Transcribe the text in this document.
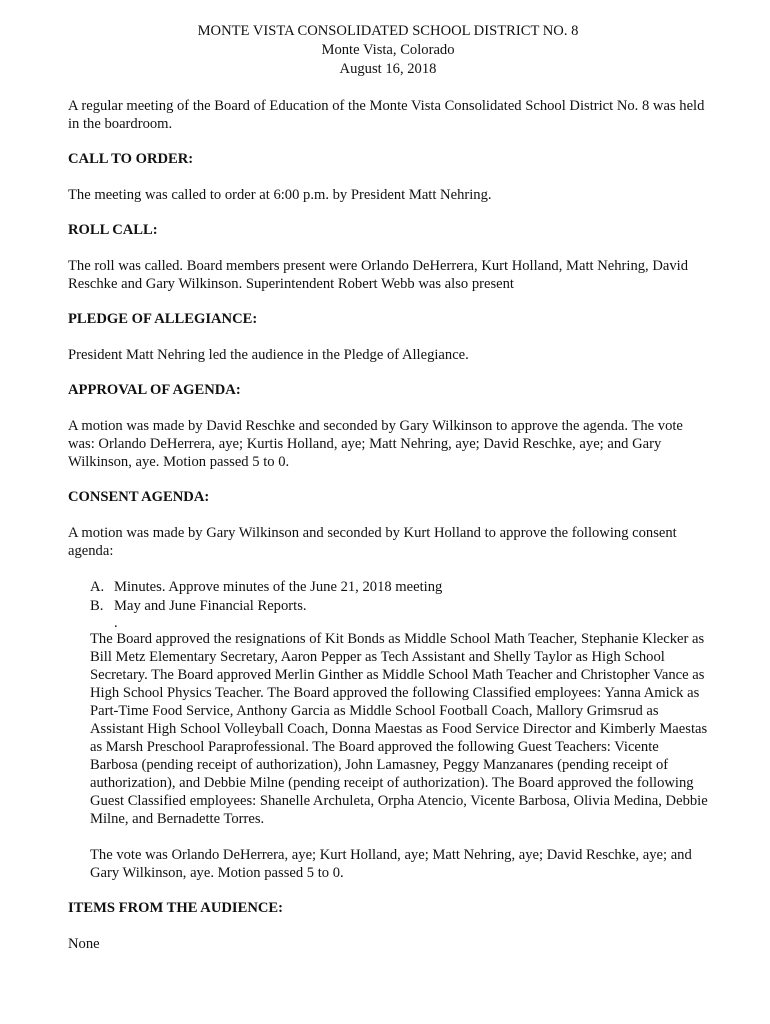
MONTE VISTA CONSOLIDATED SCHOOL DISTRICT NO. 8
Monte Vista, Colorado
August 16, 2018

A regular meeting of the Board of Education of the Monte Vista Consolidated School District No. 8 was held in the boardroom.

CALL TO ORDER:

The meeting was called to order at 6:00 p.m. by President Matt Nehring.

ROLL CALL:

The roll was called. Board members present were Orlando DeHerrera, Kurt Holland, Matt Nehring, David Reschke and Gary Wilkinson. Superintendent Robert Webb was also present

PLEDGE OF ALLEGIANCE:

President Matt Nehring led the audience in the Pledge of Allegiance.

APPROVAL OF AGENDA:

A motion was made by David Reschke and seconded by Gary Wilkinson to approve the agenda. The vote was: Orlando DeHerrera, aye; Kurtis Holland, aye; Matt Nehring, aye; David Reschke, aye; and Gary Wilkinson, aye. Motion passed 5 to 0.

CONSENT AGENDA:

A motion was made by Gary Wilkinson and seconded by Kurt Holland to approve the following consent agenda:

A. Minutes. Approve minutes of the June 21, 2018 meeting
B. May and June Financial Reports.
.

The Board approved the resignations of Kit Bonds as Middle School Math Teacher, Stephanie Klecker as Bill Metz Elementary Secretary, Aaron Pepper as Tech Assistant and Shelly Taylor as High School Secretary. The Board approved Merlin Ginther as Middle School Math Teacher and Christopher Vance as High School Physics Teacher. The Board approved the following Classified employees: Yanna Amick as Part-Time Food Service, Anthony Garcia as Middle School Football Coach, Mallory Grimsrud as Assistant High School Volleyball Coach, Donna Maestas as Food Service Director and Kimberly Maestas as Marsh Preschool Paraprofessional. The Board approved the following Guest Teachers: Vicente Barbosa (pending receipt of authorization), John Lamasney, Peggy Manzanares (pending receipt of authorization), and Debbie Milne (pending receipt of authorization). The Board approved the following Guest Classified employees: Shanelle Archuleta, Orpha Atencio, Vicente Barbosa, Olivia Medina, Debbie Milne, and Bernadette Torres.

The vote was Orlando DeHerrera, aye; Kurt Holland, aye; Matt Nehring, aye; David Reschke, aye; and Gary Wilkinson, aye. Motion passed 5 to 0.

ITEMS FROM THE AUDIENCE:

None
